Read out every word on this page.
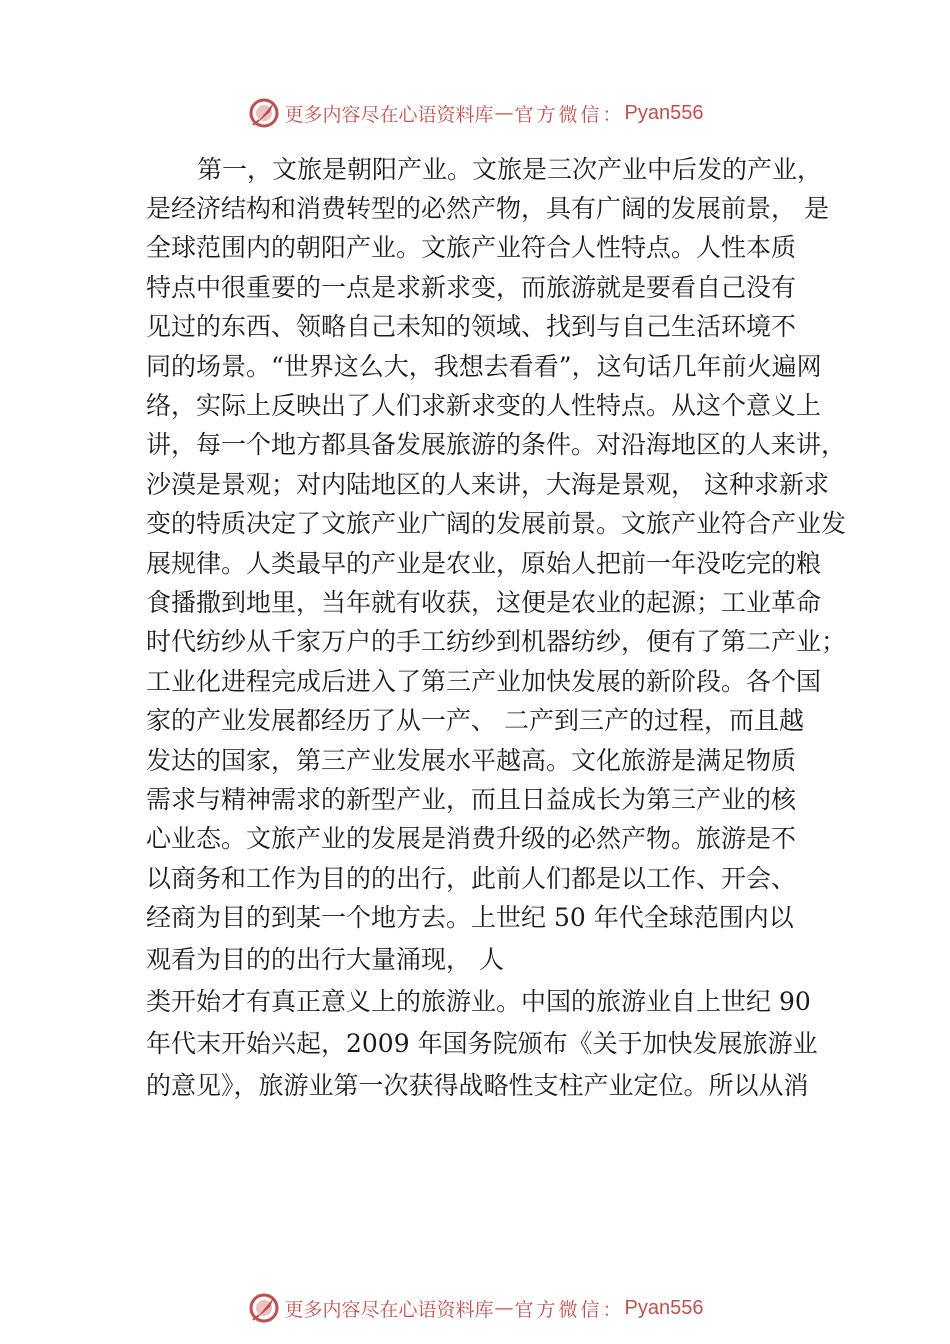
更多内容尽在心语资料库 — 官方微信： Pyan556
第一，文旅是朝阳产业。文旅是三次产业中后发的产业，
是经济结构和消费转型的必然产物，具有广阔的发展前景， 是
全球范围内的朝阳产业。文旅产业符合人性特点。人性本质
特点中很重要的一点是求新求变，而旅游就是要看自己没有
见过的东西、领略自己未知的领域、找到与自己生活环境不
同的场景。“世界这么大，我想去看看”，这句话几年前火遍网
络，实际上反映出了人们求新求变的人性特点。从这个意义上
讲，每一个地方都具备发展旅游的条件。对沿海地区的人来讲，
沙漠是景观；对内陆地区的人来讲，大海是景观， 这种求新求
变的特质决定了文旅产业广阔的发展前景。文旅产业符合产业发
展规律。人类最早的产业是农业，原始人把前一年没吃完的粮
食播撒到地里，当年就有收获，这便是农业的起源；工业革命
时代纺纱从千家万户的手工纺纱到机器纺纱，便有了第二产业；
工业化进程完成后进入了第三产业加快发展的新阶段。各个国
家的产业发展都经历了从一产、 二产到三产的过程，而且越
发达的国家，第三产业发展水平越高。文化旅游是满足物质
需求与精神需求的新型产业，而且日益成长为第三产业的核
心业态。文旅产业的发展是消费升级的必然产物。旅游是不
以商务和工作为目的的出行，此前人们都是以工作、开会、
经商为目的到某一个地方去。上世纪 50 年代全球范围内以
观看为目的的出行大量涌现， 人
类开始才有真正意义上的旅游业。中国的旅游业自上世纪 90
年代末开始兴起，2009 年国务院颁布《关于加快发展旅游业
的意见》，旅游业第一次获得战略性支柱产业定位。所以从消
更多内容尽在心语资料库 — 官方微信： Pyan556
